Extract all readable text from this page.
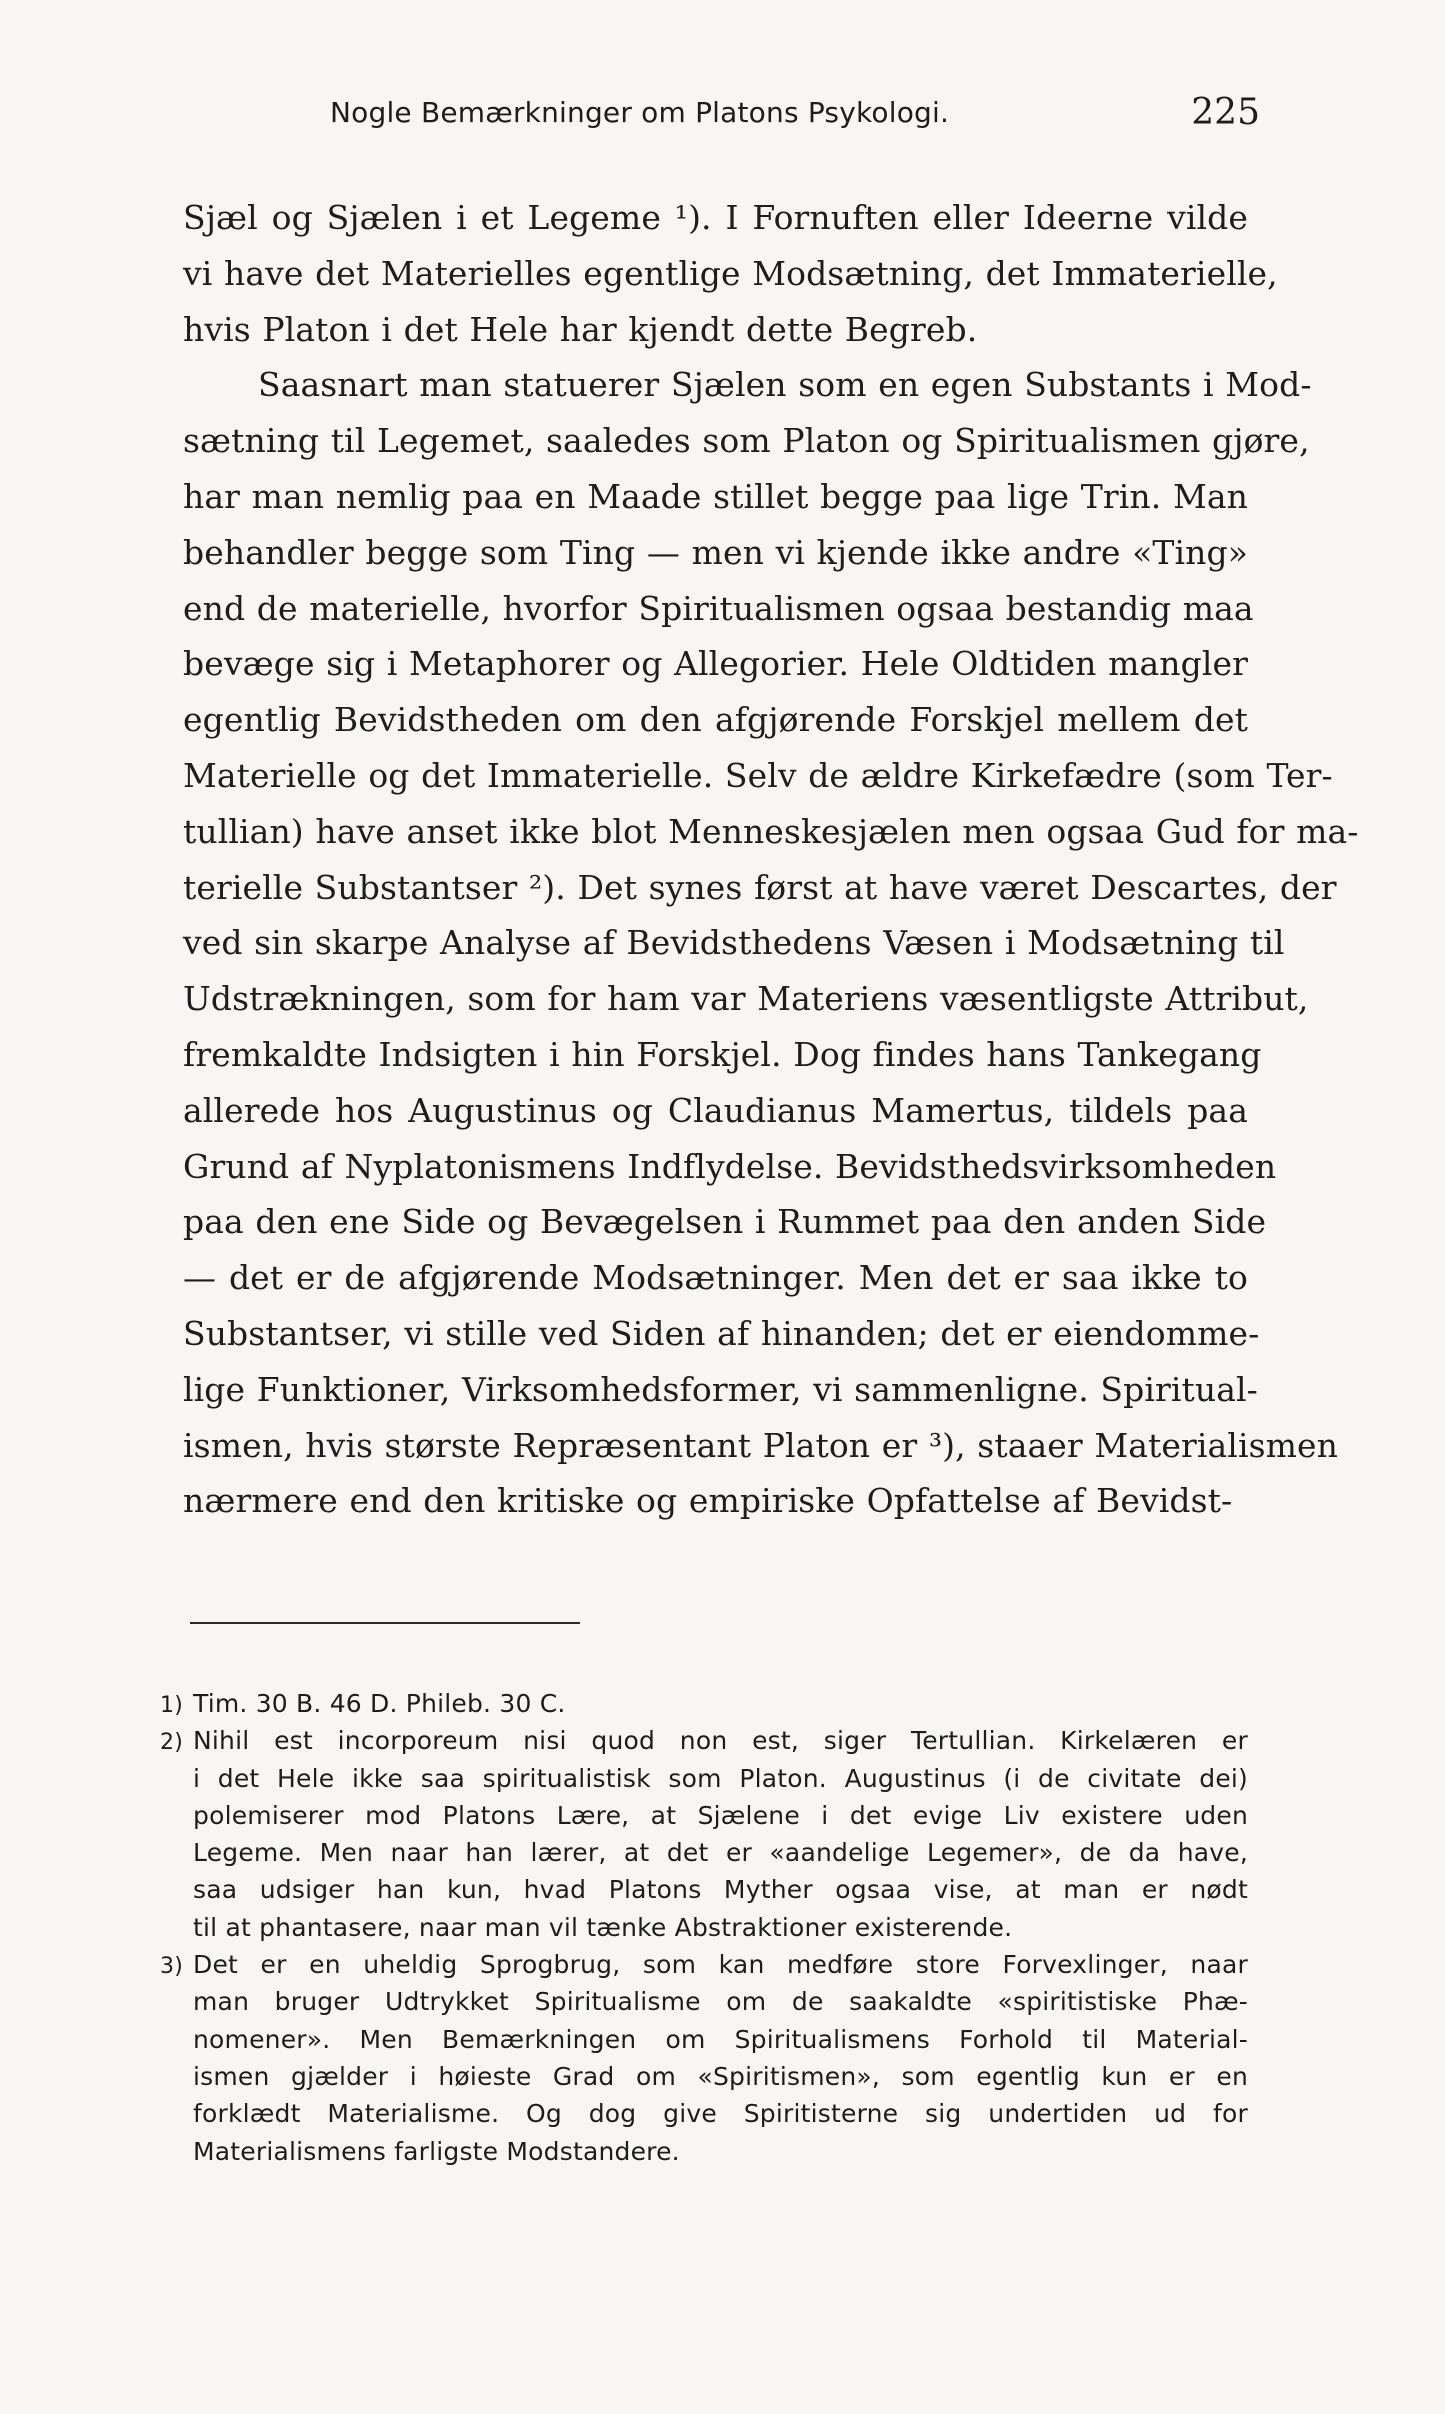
Nogle Bemærkninger om Platons Psykologi.	225
Sjæl og Sjælen i et Legeme ¹). I Fornuften eller Ideerne vilde
vi have det Materielles egentlige Modsætning, det Immaterielle,
hvis Platon i det Hele har kjendt dette Begreb.
Saasnart man statuerer Sjælen som en egen Substants i Mod-
sætning til Legemet, saaledes som Platon og Spiritualismen gjøre,
har man nemlig paa en Maade stillet begge paa lige Trin. Man
behandler begge som Ting — men vi kjende ikke andre «Ting»
end de materielle, hvorfor Spiritualismen ogsaa bestandig maa
bevæge sig i Metaphorer og Allegorier. Hele Oldtiden mangler
egentlig Bevidstheden om den afgjørende Forskjel mellem det
Materielle og det Immaterielle. Selv de ældre Kirkefædre (som Ter-
tullian) have anset ikke blot Menneskesjælen men ogsaa Gud for ma-
terielle Substantser ²). Det synes først at have været Descartes, der
ved sin skarpe Analyse af Bevidsthedens Væsen i Modsætning til
Udstrækningen, som for ham var Materiens væsentligste Attribut,
fremkaldte Indsigten i hin Forskjel. Dog findes hans Tankegang
allerede hos Augustinus og Claudianus Mamertus, tildels paa
Grund af Nyplatonismens Indflydelse. Bevidsthedsvirksomheden
paa den ene Side og Bevægelsen i Rummet paa den anden Side
— det er de afgjørende Modsætninger. Men det er saa ikke to
Substantser, vi stille ved Siden af hinanden; det er eiendomme-
lige Funktioner, Virksomhedsformer, vi sammenligne. Spiritual-
ismen, hvis største Repræsentant Platon er ³), staaer Materialismen
nærmere end den kritiske og empiriske Opfattelse af Bevidst-
1) Tim. 30 B. 46 D. Phileb. 30 C.
2) Nihil est incorporeum nisi quod non est, siger Tertullian. Kirkelæren er
i det Hele ikke saa spiritualistisk som Platon. Augustinus (i de civitate dei)
polemiserer mod Platons Lære, at Sjælene i det evige Liv existere uden
Legeme. Men naar han lærer, at det er «aandelige Legemer», de da have,
saa udsiger han kun, hvad Platons Myther ogsaa vise, at man er nødt
til at phantasere, naar man vil tænke Abstraktioner existerende.
3) Det er en uheldig Sprogbrug, som kan medføre store Forvexlinger, naar
man bruger Udtrykket Spiritualisme om de saakaldte «spiritistiske Phæ-
nomener». Men Bemærkningen om Spiritualismens Forhold til Material-
ismen gjælder i høieste Grad om «Spiritismen», som egentlig kun er en
forklædt Materialisme. Og dog give Spiritisterne sig undertiden ud for
Materialismens farligste Modstandere.
